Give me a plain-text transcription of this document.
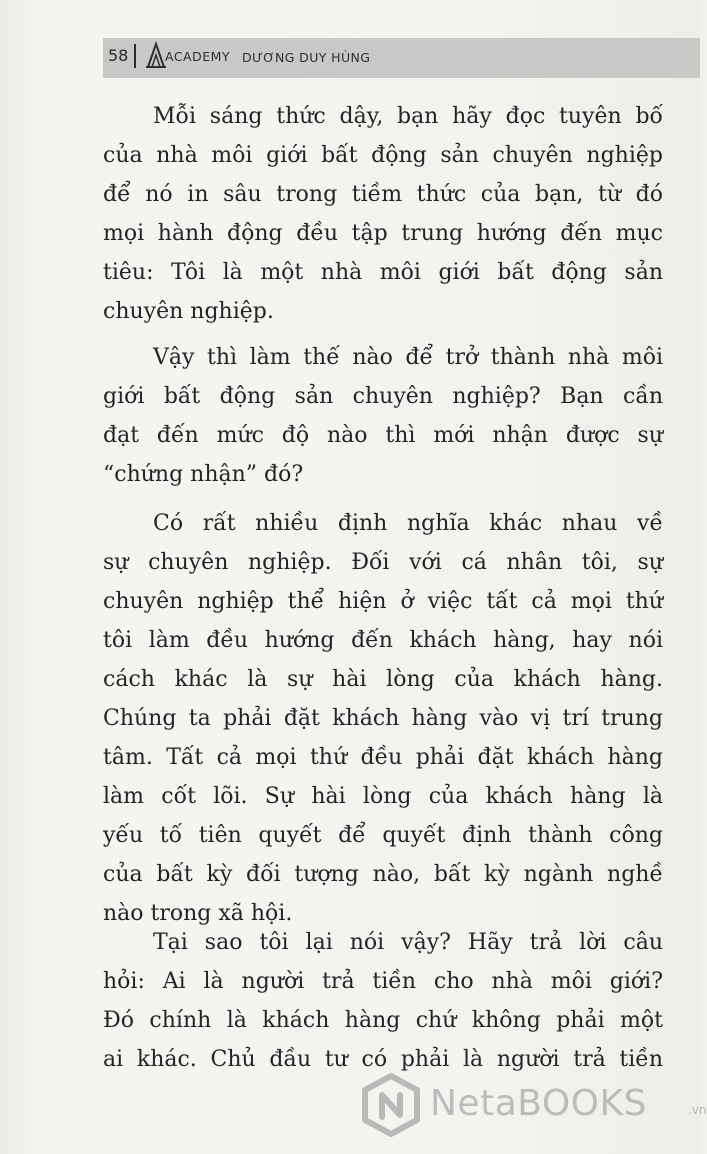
58	ACADEMY DƯƠNG DUY HÙNG
Mỗi sáng thức dậy, bạn hãy đọc tuyên bố
của nhà môi giới bất động sản chuyên nghiệp
để nó in sâu trong tiềm thức của bạn, từ đó
mọi hành động đều tập trung hướng đến mục
tiêu: Tôi là một nhà môi giới bất động sản
chuyên nghiệp.
Vậy thì làm thế nào để trở thành nhà môi
giới bất động sản chuyên nghiệp? Bạn cần
đạt đến mức độ nào thì mới nhận được sự
“chứng nhận” đó?
Có rất nhiều định nghĩa khác nhau về
sự chuyên nghiệp. Đối với cá nhân tôi, sự
chuyên nghiệp thể hiện ở việc tất cả mọi thứ
tôi làm đều hướng đến khách hàng, hay nói
cách khác là sự hài lòng của khách hàng.
Chúng ta phải đặt khách hàng vào vị trí trung
tâm. Tất cả mọi thứ đều phải đặt khách hàng
làm cốt lõi. Sự hài lòng của khách hàng là
yếu tố tiên quyết để quyết định thành công
của bất kỳ đối tượng nào, bất kỳ ngành nghề
nào trong xã hội.
Tại sao tôi lại nói vậy? Hãy trả lời câu
hỏi: Ai là người trả tiền cho nhà môi giới?
Đó chính là khách hàng chứ không phải một
ai khác. Chủ đầu tư có phải là người trả tiền
NetaBOOKS	.vn
